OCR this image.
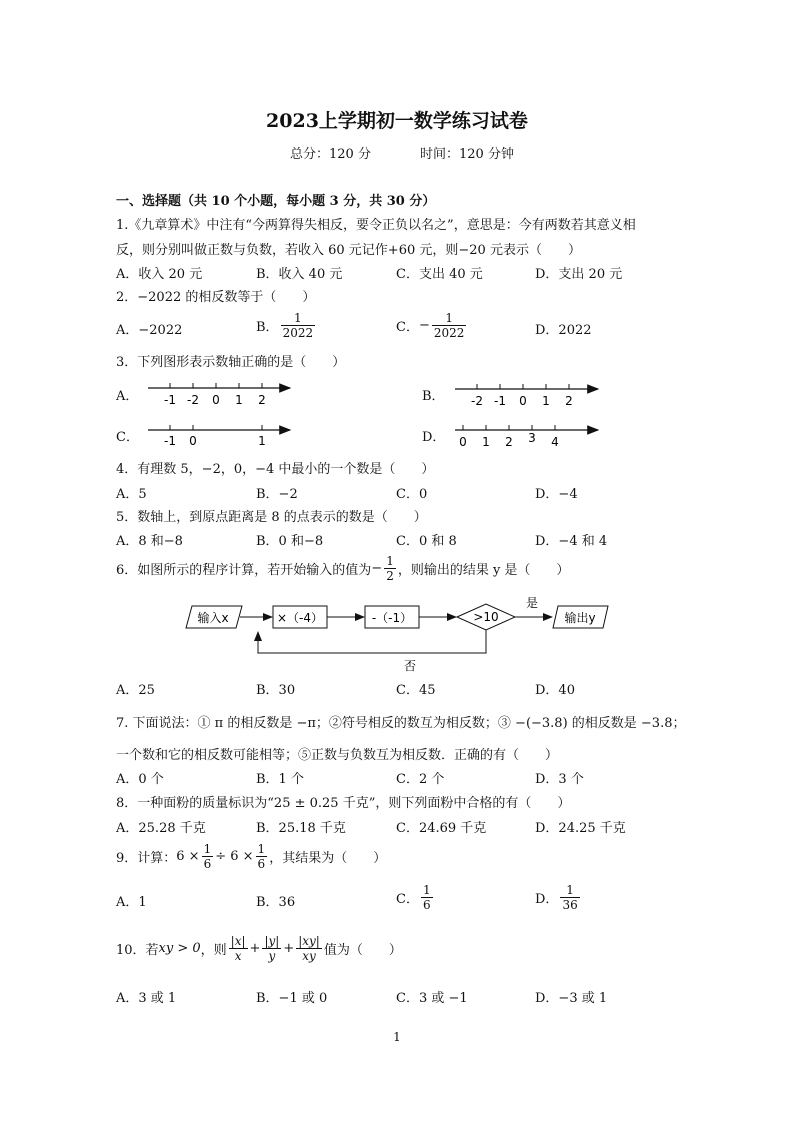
2023上学期初一数学练习试卷
总分：120 分	时间：120 分钟
一、选择题（共 10 个小题，每小题 3 分，共 30 分）
1.《九章算术》中注有“今两算得失相反，要令正负以名之”，意思是：今有两数若其意义相
反，则分别叫做正数与负数，若收入 60 元记作+60 元，则−20 元表示（　　）
A．收入 20 元	B．收入 40 元	C．支出 40 元	D．支出 20 元
2．−2022 的相反数等于（　　）
A．−2022	B． $\frac{1}{2022}$	C．− $\frac{1}{2022}$	D．2022
3．下列图形表示数轴正确的是（　　）
A．	B．
C．	D．
-1 -2 0 1 2	-2 -1 0 1 2
-1 0	1	0 1 2 3 4
4．有理数 5，−2，0，−4 中最小的一个数是（　　）
A．5	B．−2	C．0	D．−4
5．数轴上，到原点距离是 8 的点表示的数是（　　）
A．8 和−8	B．0 和−8	C．0 和 8	D．−4 和 4
6．如图所示的程序计算，若开始输入的值为− $\frac{1}{2}$ ，则输出的结果 y 是（　　）
输入x	×（-4）	-（-1）	>10
是
输出y
否
A．25	B．30	C．45	D．40
7. 下面说法：① π 的相反数是 −π；②符号相反的数互为相反数；③ −(−3.8) 的相反数是 −3.8；
一个数和它的相反数可能相等；⑤正数与负数互为相反数．正确的有（　　）
A．0 个	B．1 个	C．2 个	D．3 个
8．一种面粉的质量标识为“25 ± 0.25 千克”，则下列面粉中合格的有（　　）
A．25.28 千克	B．25.18 千克	C．24.69 千克	D．24.25 千克
9．计算：$6 \times \frac{1}{6} \div 6 \times \frac{1}{6}$ ，其结果为（　　）
A．1	B．36	C． $\frac{1}{6}$	D． $\frac{1}{36}$
10．若xy > 0，则 $\frac{|x|}{x} + \frac{|y|}{y} + \frac{|xy|}{xy}$ 值为（　　）
A．3 或 1	B．−1 或 0	C．3 或 −1	D．−3 或 1
1
